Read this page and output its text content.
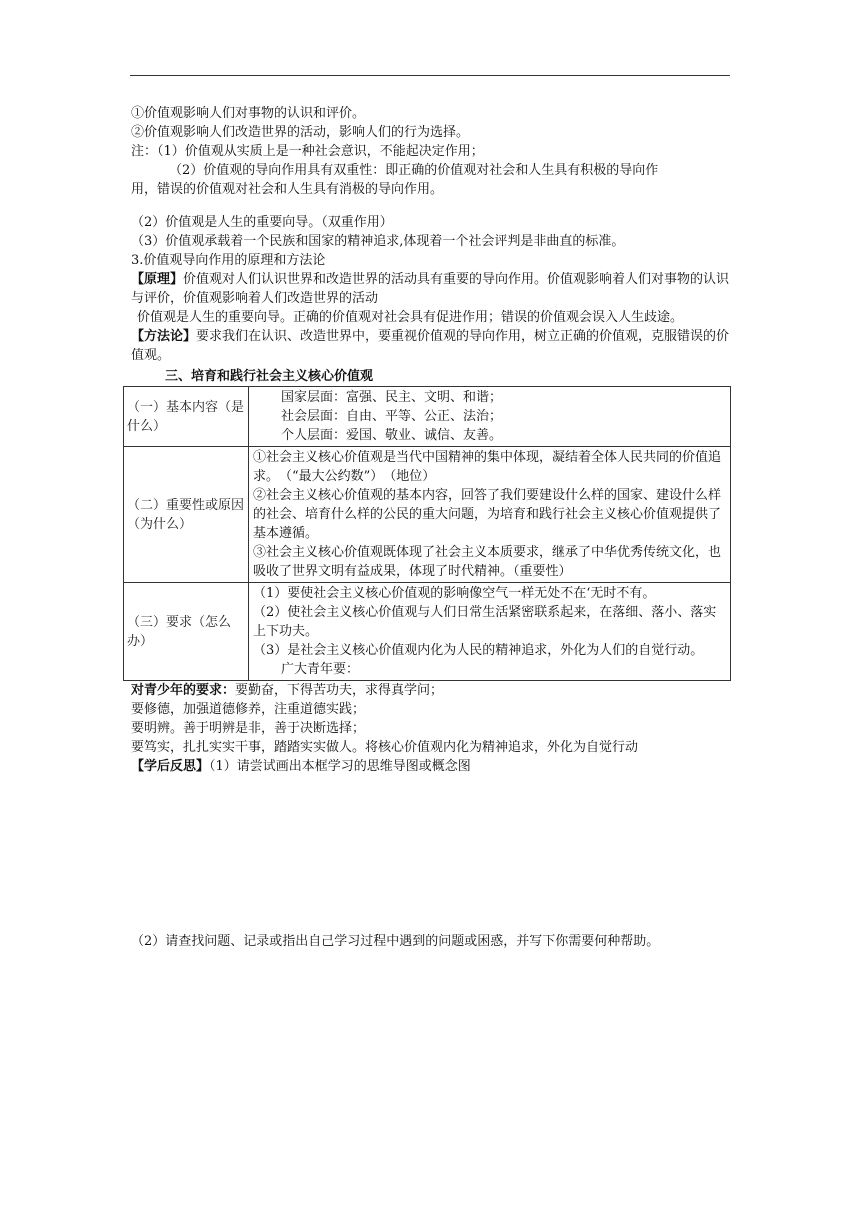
①价值观影响人们对事物的认识和评价。
②价值观影响人们改造世界的活动，影响人们的行为选择。
注：（1）价值观从实质上是一种社会意识，不能起决定作用；
（2）价值观的导向作用具有双重性：即正确的价值观对社会和人生具有积极的导向作
用，错误的价值观对社会和人生具有消极的导向作用。
（2）价值观是人生的重要向导。（双重作用）
（3）价值观承载着一个民族和国家的精神追求,体现着一个社会评判是非曲直的标准。
3.价值观导向作用的原理和方法论
【原理】价值观对人们认识世界和改造世界的活动具有重要的导向作用。价值观影响着人们对事物的认识与评价，价值观影响着人们改造世界的活动
价值观是人生的重要向导。正确的价值观对社会具有促进作用；错误的价值观会误入人生歧途。
【方法论】要求我们在认识、改造世界中，要重视价值观的导向作用，树立正确的价值观，克服错误的价值观。
三、培育和践行社会主义核心价值观
（一）基本内容（是什么）	国家层面：富强、民主、文明、和谐；
社会层面：自由、平等、公正、法治；
个人层面：爱国、敬业、诚信、友善。

（二）重要性或原因（为什么）	①社会主义核心价值观是当代中国精神的集中体现，凝结着全体人民共同的价值追求。　（“最大公约数”）　（地位）
②社会主义核心价值观的基本内容，回答了我们要建设什么样的国家、建设什么样的社会、培育什么样的公民的重大问题，为培育和践行社会主义核心价值观提供了基本遵循。
③社会主义核心价值观既体现了社会主义本质要求，继承了中华优秀传统文化，也吸收了世界文明有益成果，体现了时代精神。（重要性）

（三）要求（怎么办）	（1）要使社会主义核心价值观的影响像空气一样无处不在‘无时不有。
（2）使社会主义核心价值观与人们日常生活紧密联系起来，在落细、落小、落实上下功夫。
（3）是社会主义核心价值观内化为人民的精神追求，外化为人们的自觉行动。
广大青年要：
对青少年的要求：要勤奋，下得苦功夫，求得真学问；
要修德，加强道德修养，注重道德实践；
要明辨。善于明辨是非，善于决断选择；
要笃实，扎扎实实干事，踏踏实实做人。将核心价值观内化为精神追求，外化为自觉行动
【学后反思】（1）请尝试画出本框学习的思维导图或概念图
（2）请查找问题、记录或指出自己学习过程中遇到的问题或困惑，并写下你需要何种帮助。
